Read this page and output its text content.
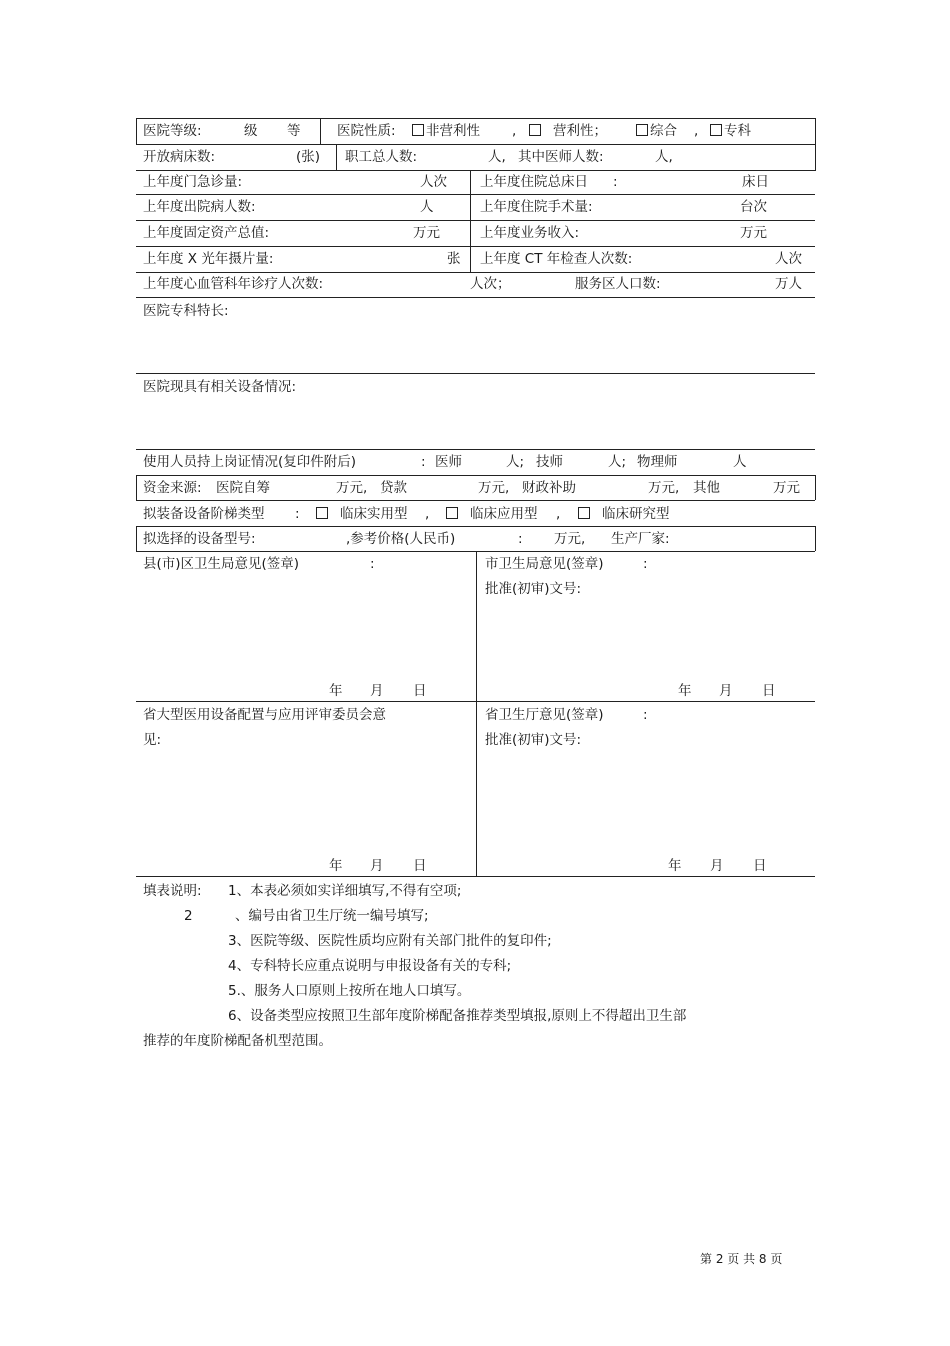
医院等级:	级 等	医院性质:	非营利性 ,	营利性；	综合 ,	专科
开放病床数:	(张) 职工总人数:	人, 其中医师人数:	人,
上年度门急诊量:	人次 上年度住院总床日 :	床日
上年度出院病人数:	人	上年度住院手术量:	台次
上年度固定资产总值:	万元	上年度业务收入:	万元
上年度 X 光年摄片量:	张 上年度 CT 年检查人次数:	人次
上年度心血管科年诊疗人次数:	人次；	服务区人口数:	万人
医院专科特长:
医院现具有相关设备情况:
使用人员持上岗证情况(复印件附后)	: 医师	人; 技师	人; 物理师	人
资金来源: 医院自筹	万元, 贷款	万元, 财政补助	万元, 其他	万元
拟装备设备阶梯类型 :	临床实用型 ,	临床应用型 ,	临床研究型
拟选择的设备型号:	,参考价格(人民币)	: 万元, 生产厂家:
县(市)区卫生局意见(签章)	:
年 月 日
市卫生局意见(签章)	:
批准(初审)文号:
年 月 日
省大型医用设备配置与应用评审委员会意
见:
年 月 日
省卫生厅意见(签章)	:
批准(初审)文号:
年 月 日
填表说明: 1、本表必须如实详细填写,不得有空项;
2	、编号由省卫生厅统一编号填写;
3、医院等级、医院性质均应附有关部门批件的复印件;
4、专科特长应重点说明与申报设备有关的专科;
5.、服务人口原则上按所在地人口填写。
6、设备类型应按照卫生部年度阶梯配备推荐类型填报,原则上不得超出卫生部
推荐的年度阶梯配备机型范围。
第 2 页 共 8 页
